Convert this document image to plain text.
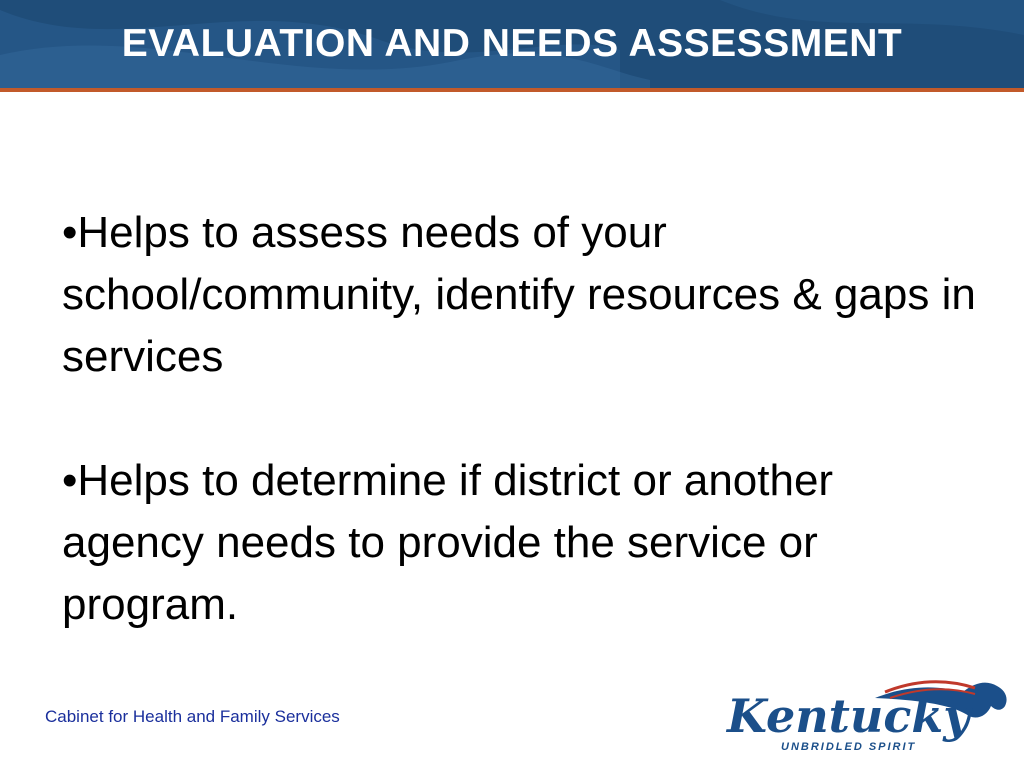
EVALUATION AND NEEDS ASSESSMENT

•Helps to assess needs of your school/community, identify resources & gaps in services

•Helps to determine if district or another agency needs to provide the service or program.

Cabinet for Health and Family Services	Kentucky
UNBRIDLED SPIRIT
